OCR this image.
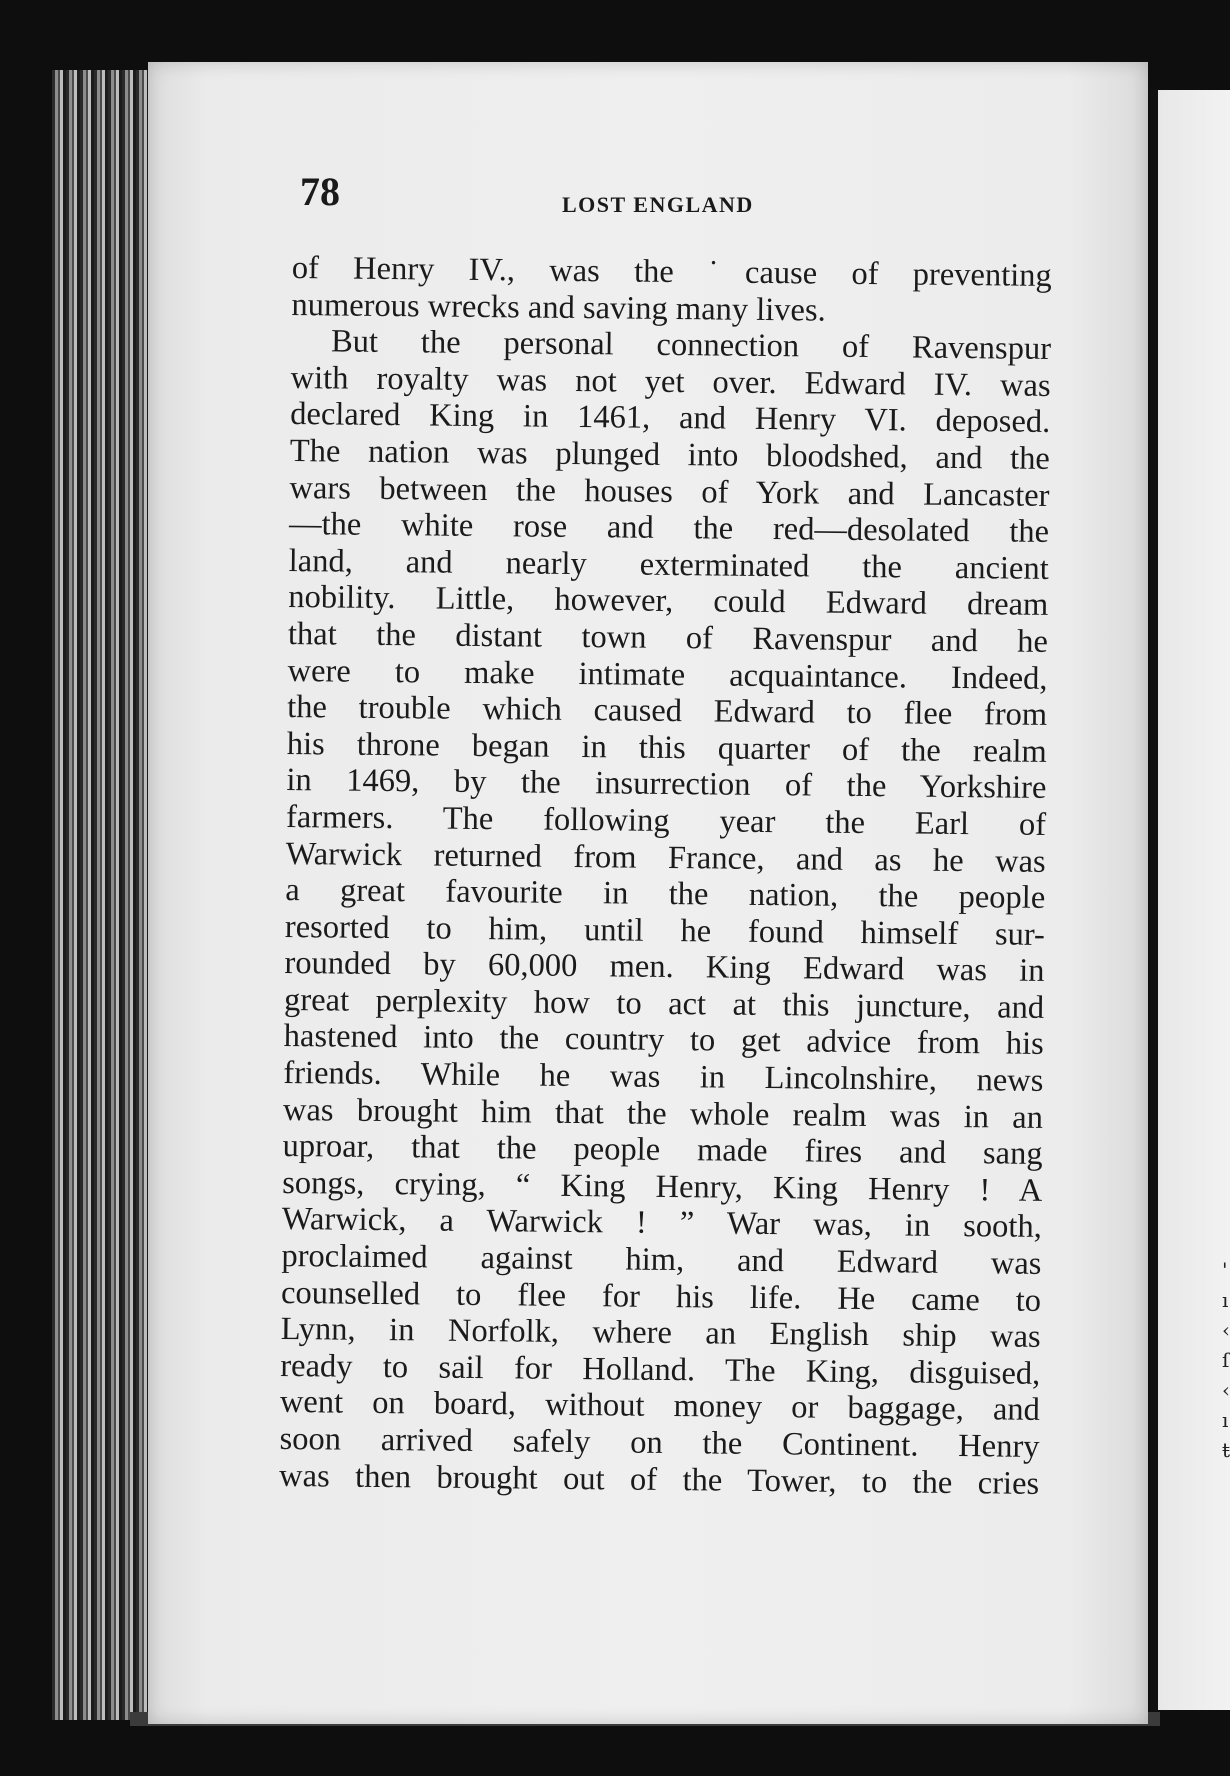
'
ı
‹
ſ
‹
ı
ŧ
78	LOST ENGLAND
of Henry IV., was the ˙cause of preventing
numerous wrecks and saving many lives.
But the personal connection of Ravenspur
with royalty was not yet over. Edward IV. was
declared King in 1461, and Henry VI. deposed.
The nation was plunged into bloodshed, and the
wars between the houses of York and Lancaster
—the white rose and the red—desolated the
land, and nearly exterminated the ancient
nobility. Little, however, could Edward dream
that the distant town of Ravenspur and he
were to make intimate acquaintance. Indeed,
the trouble which caused Edward to flee from
his throne began in this quarter of the realm
in 1469, by the insurrection of the Yorkshire
farmers. The following year the Earl of
Warwick returned from France, and as he was
a great favourite in the nation, the people
resorted to him, until he found himself sur-
rounded by 60,000 men. King Edward was in
great perplexity how to act at this juncture, and
hastened into the country to get advice from his
friends. While he was in Lincolnshire, news
was brought him that the whole realm was in an
uproar, that the people made fires and sang
songs, crying, “ King Henry, King Henry ! A
Warwick, a Warwick ! ” War was, in sooth,
proclaimed against him, and Edward was
counselled to flee for his life. He came to
Lynn, in Norfolk, where an English ship was
ready to sail for Holland. The King, disguised,
went on board, without money or baggage, and
soon arrived safely on the Continent. Henry
was then brought out of the Tower, to the cries
